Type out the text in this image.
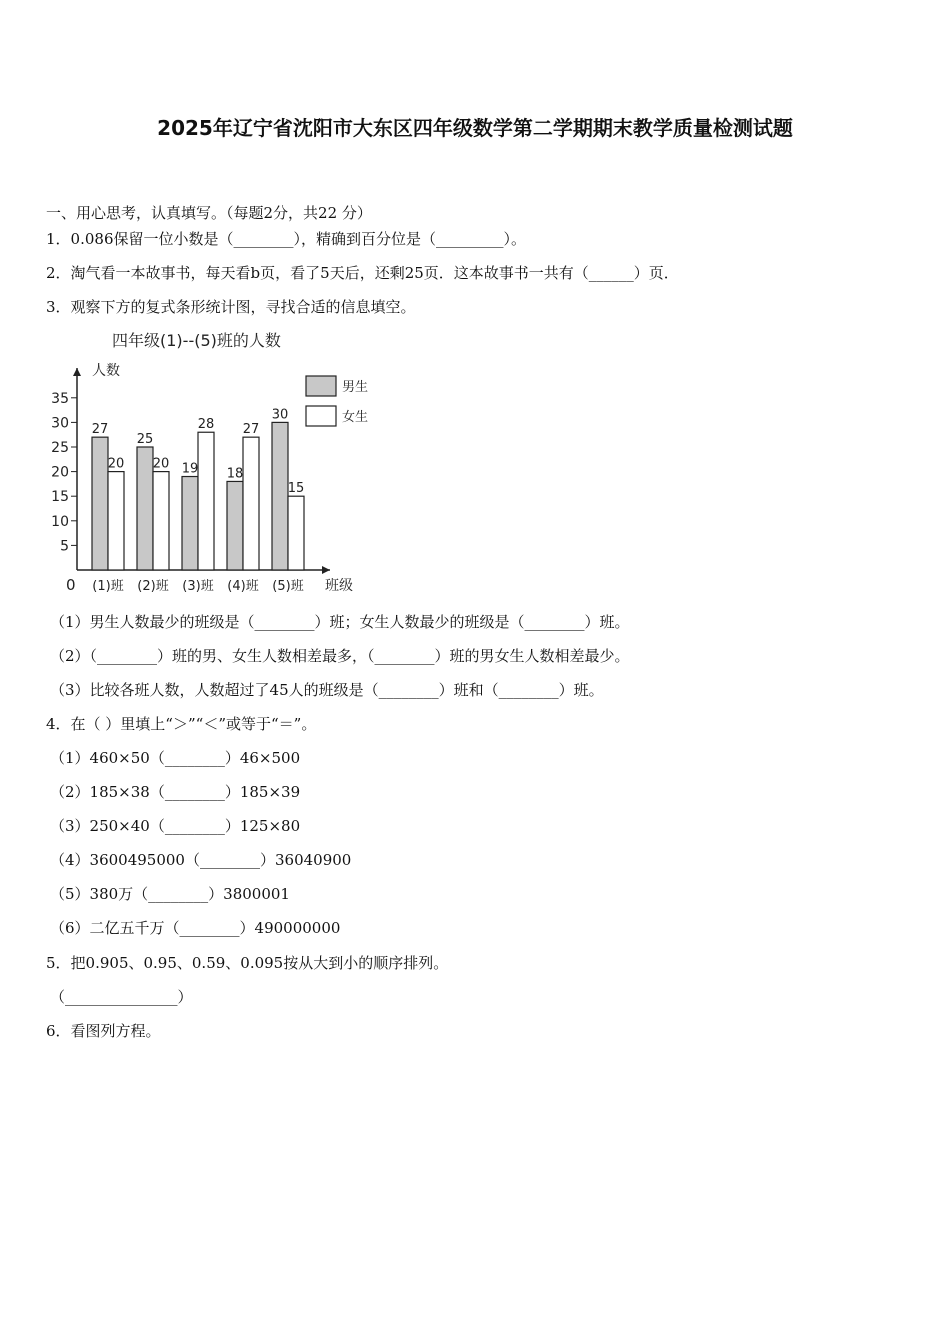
2025年辽宁省沈阳市大东区四年级数学第二学期期末教学质量检测试题
一、用心思考，认真填写。（每题2分，共22 分）
1．0.086保留一位小数是（________），精确到百分位是（_________）。
2．淘气看一本故事书，每天看b页，看了5天后，还剩25页．这本故事书一共有（______）页．
3．观察下方的复式条形统计图，寻找合适的信息填空。
四年级(1)--(5)班的人数
人数
5
10
15
20
25
30
35
0
27
20
(1)班
25
20
(2)班
19
28
(3)班
18
27
(4)班
30
15
(5)班 班级
男生
女生
（1）男生人数最少的班级是（________）班；女生人数最少的班级是（________）班。
（2）（________）班的男、女生人数相差最多，（________）班的男女生人数相差最少。
（3）比较各班人数，人数超过了45人的班级是（________）班和（________）班。
4．在（ ）里填上“＞”“＜”或等于“＝”。
（1）460×50（________）46×500
（2）185×38（________）185×39
（3）250×40（________）125×80
（4）3600495000（________）36040900
（5）380万（________）3800001
（6）二亿五千万（________）490000000
5．把0.905、0.95、0.59、0.095按从大到小的顺序排列。
（_______________）
6．看图列方程。
